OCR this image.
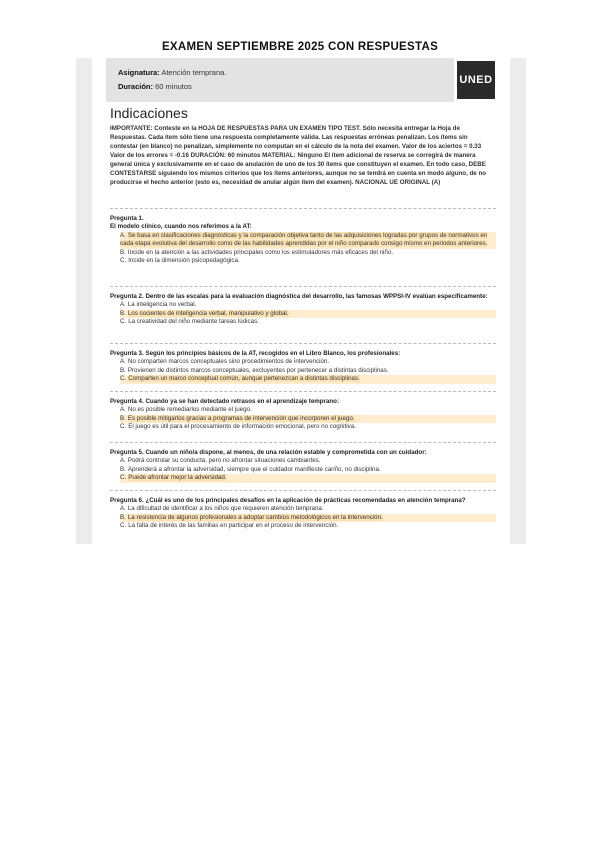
EXAMEN SEPTIEMBRE 2025 CON RESPUESTAS
Asignatura: Atención temprana.
Duración: 60 minutos
UNED
Indicaciones
IMPORTANTE: Conteste en la HOJA DE RESPUESTAS PARA UN EXAMEN TIPO TEST. Sólo necesita entregar la Hoja de Respuestas. Cada ítem sólo tiene una respuesta completamente válida. Las respuestas erróneas penalizan. Los ítems sin contestar (en blanco) no penalizan, simplemente no computan en el cálculo de la nota del examen. Valor de los aciertos = 0.33 Valor de los errores = -0.16 DURACIÓN: 60 minutos MATERIAL: Ninguno El ítem adicional de reserva se corregirá de manera general única y exclusivamente en el caso de anulación de uno de los 30 ítems que constituyen el examen. En todo caso, DEBE CONTESTARSE siguiendo los mismos criterios que los ítems anteriores, aunque no se tendrá en cuenta en modo alguno, de no producirse el hecho anterior (esto es, necesidad de anular algún ítem del examen). NACIONAL UE ORIGINAL (A)
Pregunta 1.
El modelo clínico, cuando nos referimos a la AT:
A. Se basa en clasificaciones diagnósticas y la comparación objetiva tanto de las adquisiciones logradas por grupos de normativos en cada etapa evolutiva del desarrollo como de las habilidades aprendidas por el niño comparado consigo mismo en periodos anteriores.
B. Incide en la atención a las actividades principales como los estimuladores más eficaces del niño.
C. Incide en la dimensión psicopedagógica.
Pregunta 2. Dentro de las escalas para la evaluación diagnóstica del desarrollo, las famosas WPPSI-IV evalúan específicamente:
A. La inteligencia no verbal.
B. Los cocientes de inteligencia verbal, manipulativo y global.
C. La creatividad del niño mediante tareas lúdicas.
Pregunta 3. Según los principios básicos de la AT, recogidos en el Libro Blanco, los profesionales:
A. No comparten marcos conceptuales sino procedimientos de intervención.
B. Provienen de distintos marcos conceptuales, excluyentes por pertenecer a distintas disciplinas.
C. Comparten un marco conceptual común, aunque pertenezcan a distintas disciplinas.
Pregunta 4. Cuando ya se han detectado retrasos en el aprendizaje temprano:
A. No es posible remediarlos mediante el juego.
B. Es posible mitigarlos gracias a programas de intervención que incorporen el juego.
C. El juego es útil para el procesamiento de información emocional, pero no cognitiva.
Pregunta 5. Cuando un niño/a dispone, al menos, de una relación estable y comprometida con un cuidador:
A. Podrá controlar su conducta, pero no afrontar situaciones cambiantes.
B. Aprenderá a afrontar la adversidad, siempre que el cuidador manifieste cariño, no disciplina.
C. Puede afrontar mejor la adversidad.
Pregunta 6. ¿Cuál es uno de los principales desafíos en la aplicación de prácticas recomendadas en atención temprana?
A. La dificultad de identificar a los niños que requieren atención temprana.
B. La resistencia de algunos profesionales a adoptar cambios metodológicos en la intervención.
C. La falta de interés de las familias en participar en el proceso de intervención.
